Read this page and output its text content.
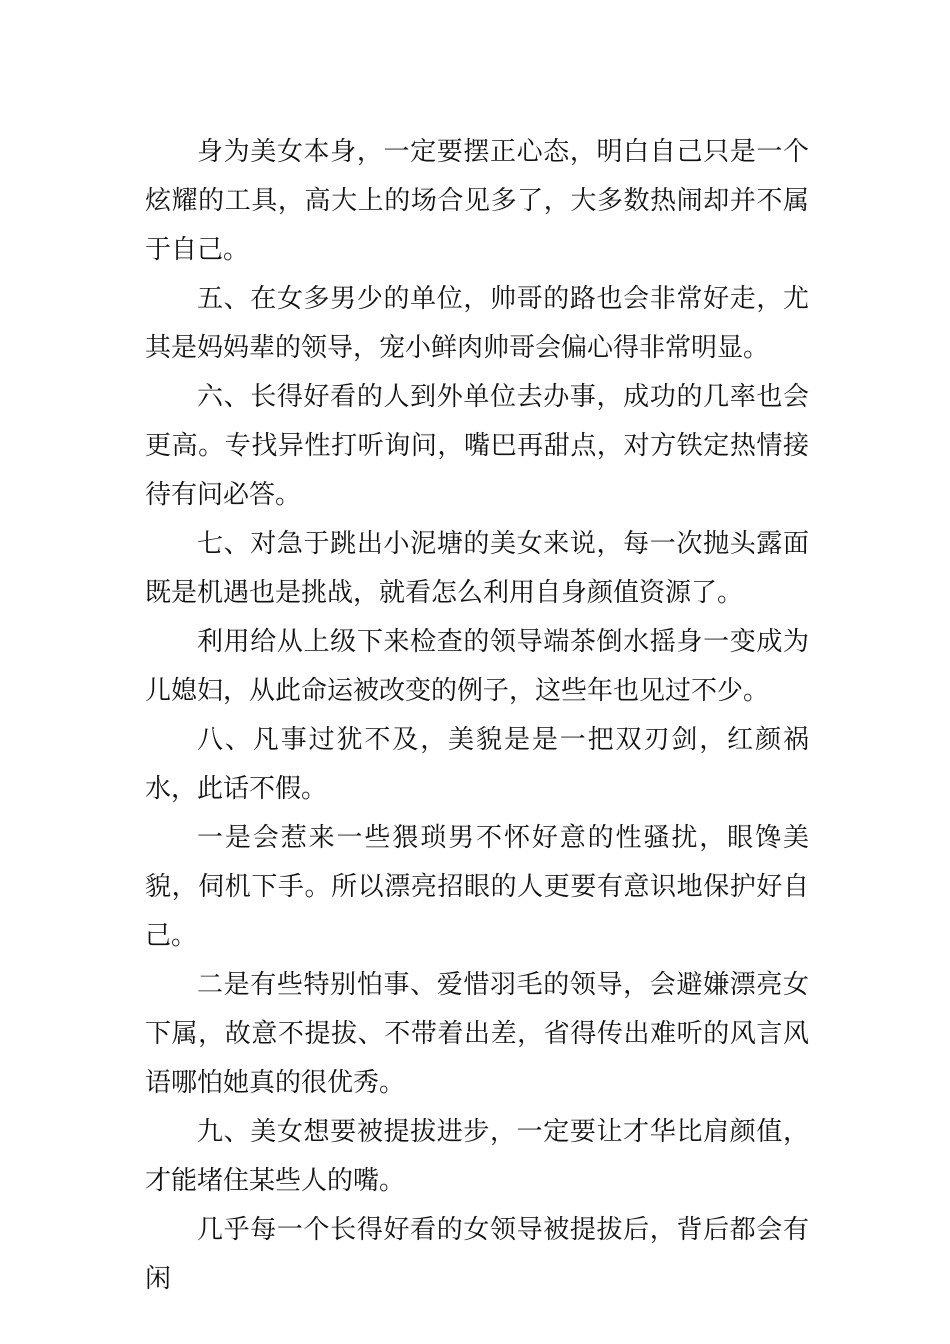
身为美女本身，一定要摆正心态，明白自己只是一个炫耀的工具，高大上的场合见多了，大多数热闹却并不属于自己。

五、在女多男少的单位，帅哥的路也会非常好走，尤其是妈妈辈的领导，宠小鲜肉帅哥会偏心得非常明显。

六、长得好看的人到外单位去办事，成功的几率也会更高。专找异性打听询问，嘴巴再甜点，对方铁定热情接待有问必答。

七、对急于跳出小泥塘的美女来说，每一次抛头露面既是机遇也是挑战，就看怎么利用自身颜值资源了。

利用给从上级下来检查的领导端茶倒水摇身一变成为儿媳妇，从此命运被改变的例子，这些年也见过不少。

八、凡事过犹不及，美貌是是一把双刃剑，红颜祸水，此话不假。

一是会惹来一些猥琐男不怀好意的性骚扰，眼馋美貌，伺机下手。所以漂亮招眼的人更要有意识地保护好自己。

二是有些特别怕事、爱惜羽毛的领导，会避嫌漂亮女下属，故意不提拔、不带着出差，省得传出难听的风言风语哪怕她真的很优秀。

九、美女想要被提拔进步，一定要让才华比肩颜值，才能堵住某些人的嘴。

几乎每一个长得好看的女领导被提拔后，背后都会有闲
